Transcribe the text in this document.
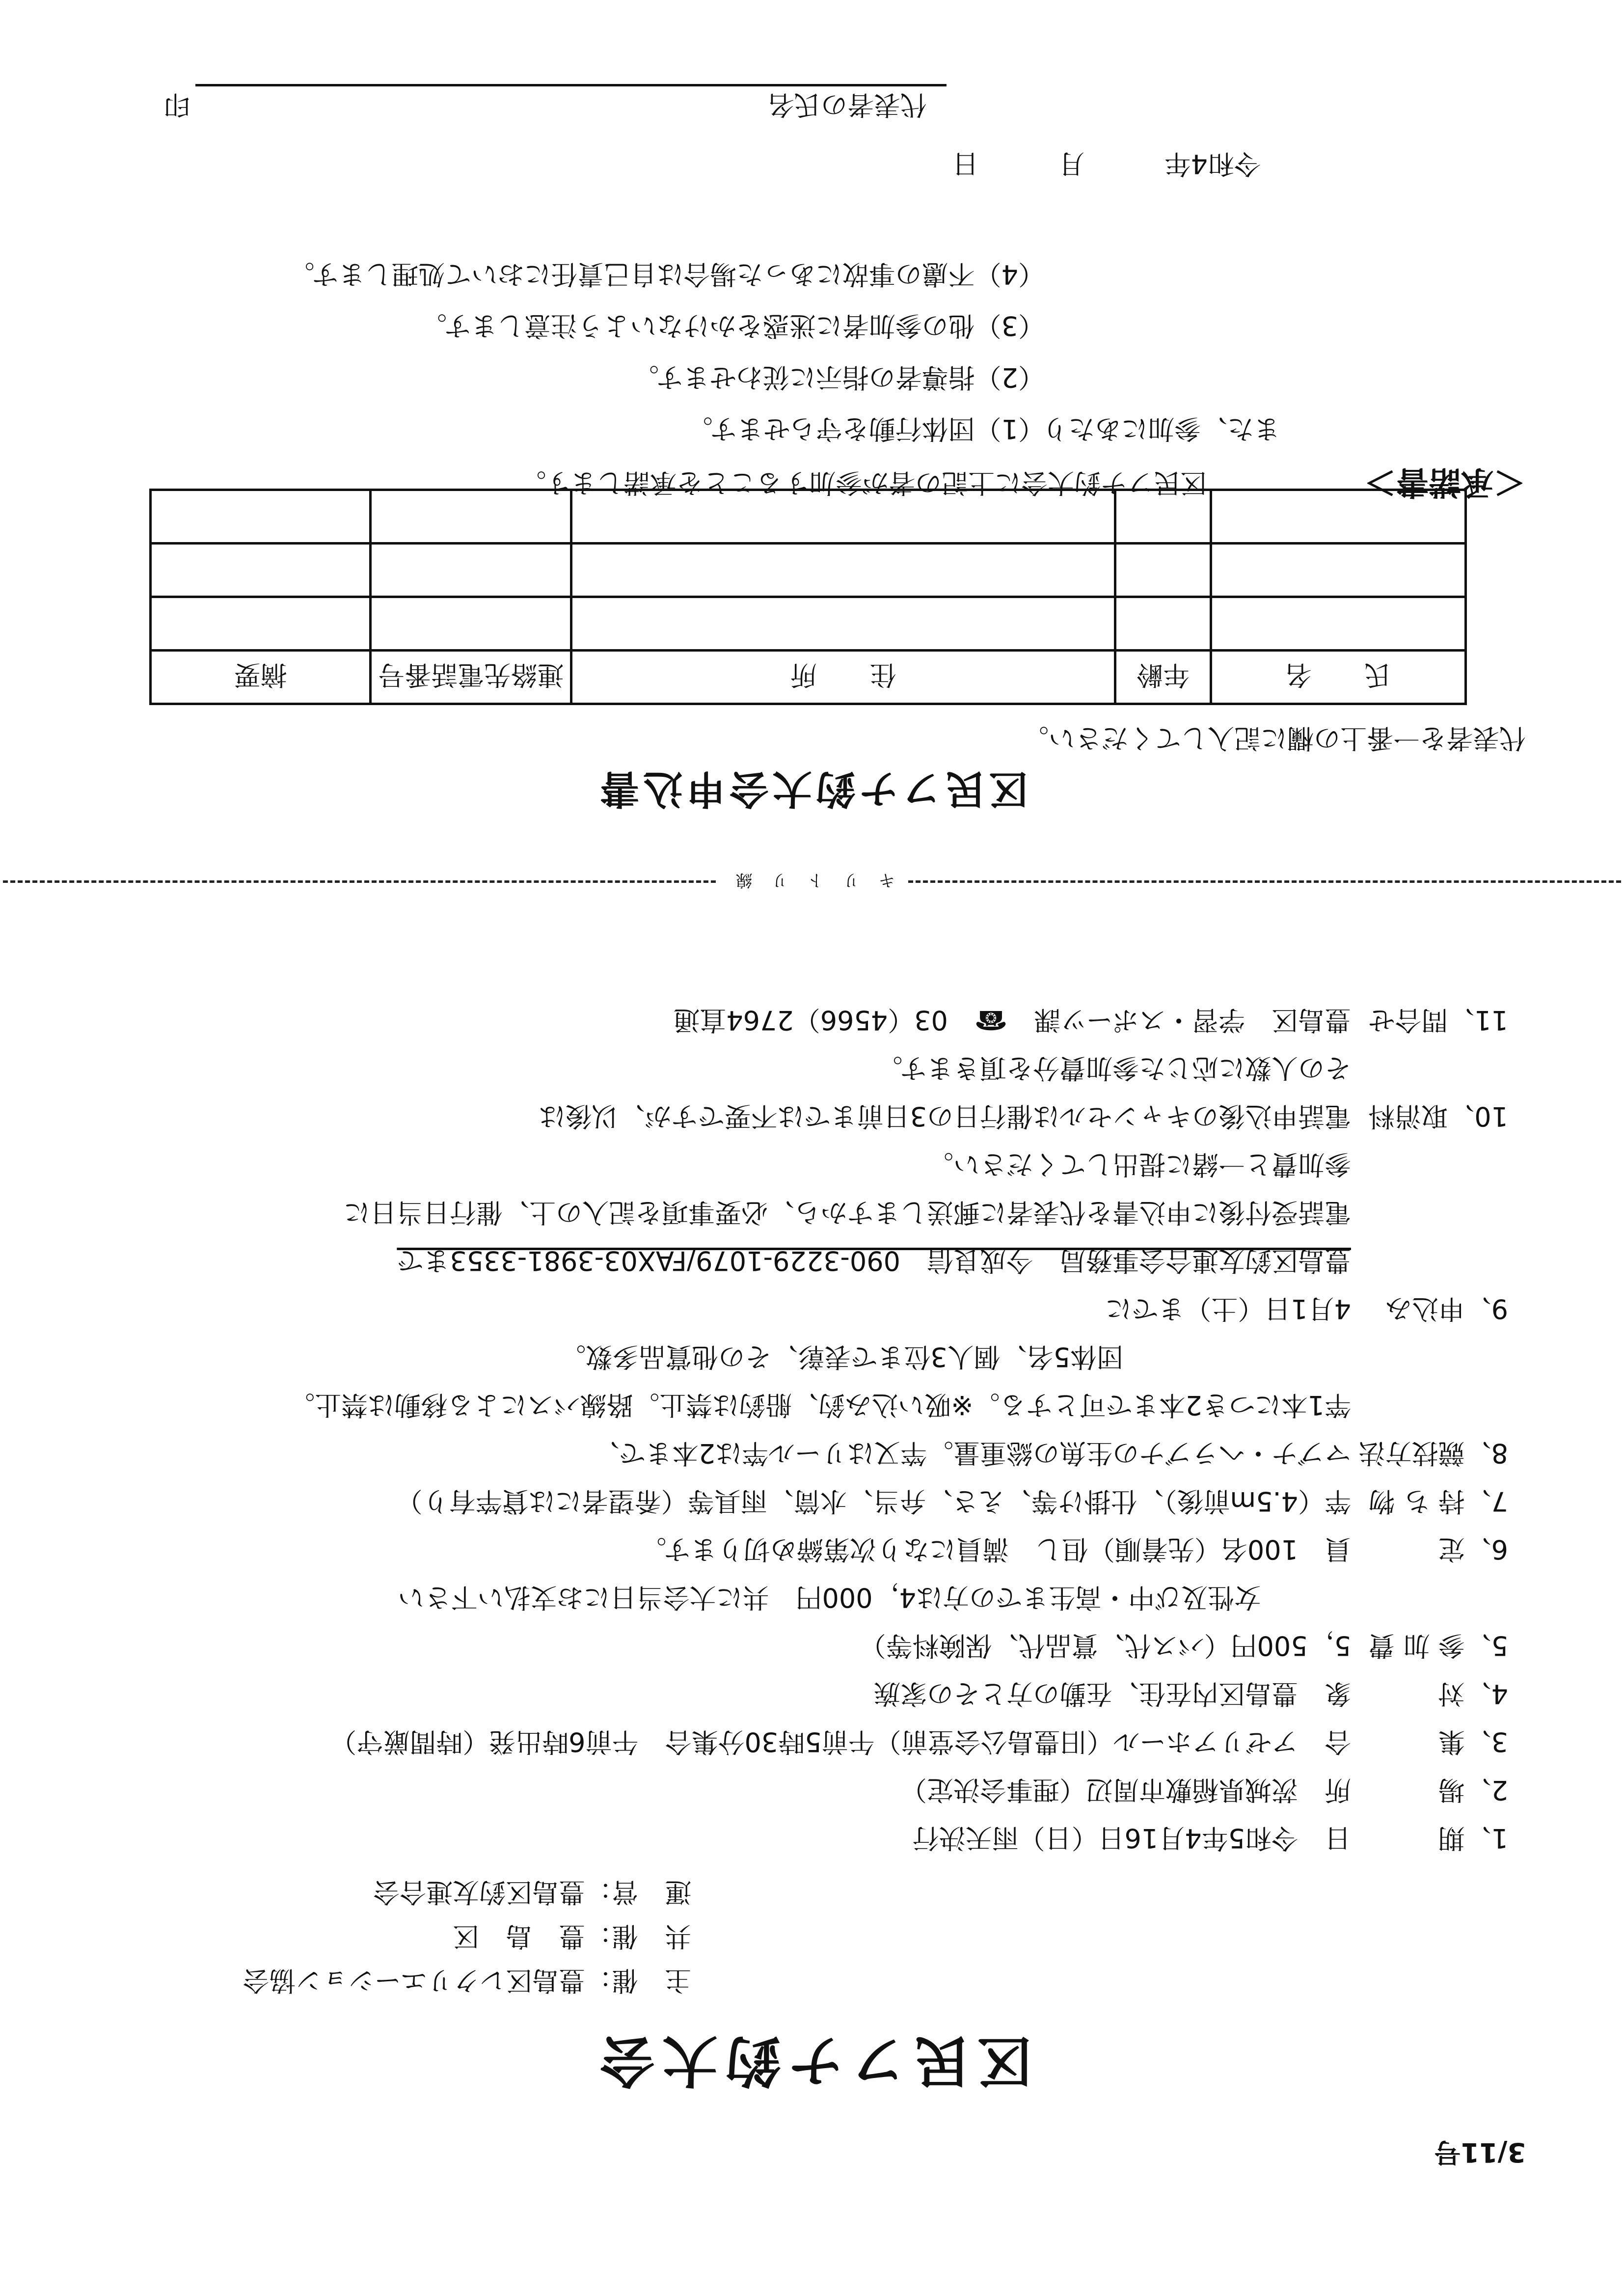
3/11号
区民フナ釣大会
主　催：豊島区レクリエーション協会
共　催：豊　島　区
運　営：豊島区釣友連合会
1、期日　令和5年4月16日（日）雨天決行
2、場所　茨城県稲敷市周辺（理事会決定）
3、集合　アゼリアホール（旧豊島公会堂前）午前5時30分集合　午前6時出発（時間厳守）
4、対象　豊島区内在住、在勤の方とその家族
5、参 加 費5，500円（バス代、賞品代、保険料等）
女性及び中・高生までの方は4，000円　共に大会当日にお支払い下さい
6、定員　100名（先着順）但し　満員になり次第締め切ります。
7、持 ち 物竿（4.5m前後）、仕掛け等、えさ、弁当、水筒、雨具等（希望者には貸竿有り）
8、競技方法マブナ・ヘラブナの生魚の総重量。竿又はリール竿は2本まで、
竿1本につき2本まで可とする。※吸い込み釣、船釣は禁止。路線バスによる移動は禁止。
団体5名、個人3位まで表彰、その他賞品多数。
9、申込み4月1日（土）までに
豊島区釣友連合会事務局　今成良信　090-3229-1079/FAX03-3981-3353まで
電話受付後に申込書を代表者に郵送しますから、必要事項を記入の上、催行日当日に
参加費と一緒に提出してください。
10、取消料電話申込後のキャンセルは催行日の3日前までは不要ですが、以後は
その人数に応じた参加費分を頂きます。
11、問合せ豊島区　学習・スポーツ課　☎　03（4566）2764直通
キ リ ト リ 線
区民フナ釣大会申込書
代表者を一番上の欄に記入してください。
氏　　名	年齢	住　　所	連絡先電話番号	摘要

＜承諾書＞
区民フナ釣大会に上記の者が参加することを承諾します。
また、参加にあたり
（1）団体行動を守らせます。
（2）指導者の指示に従わせます。
（3）他の参加者に迷惑をかけないよう注意します。
（4）不慮の事故にあった場合は自己責任において処理します。
令和4年　　　月　　　日
代表者の氏名
印
